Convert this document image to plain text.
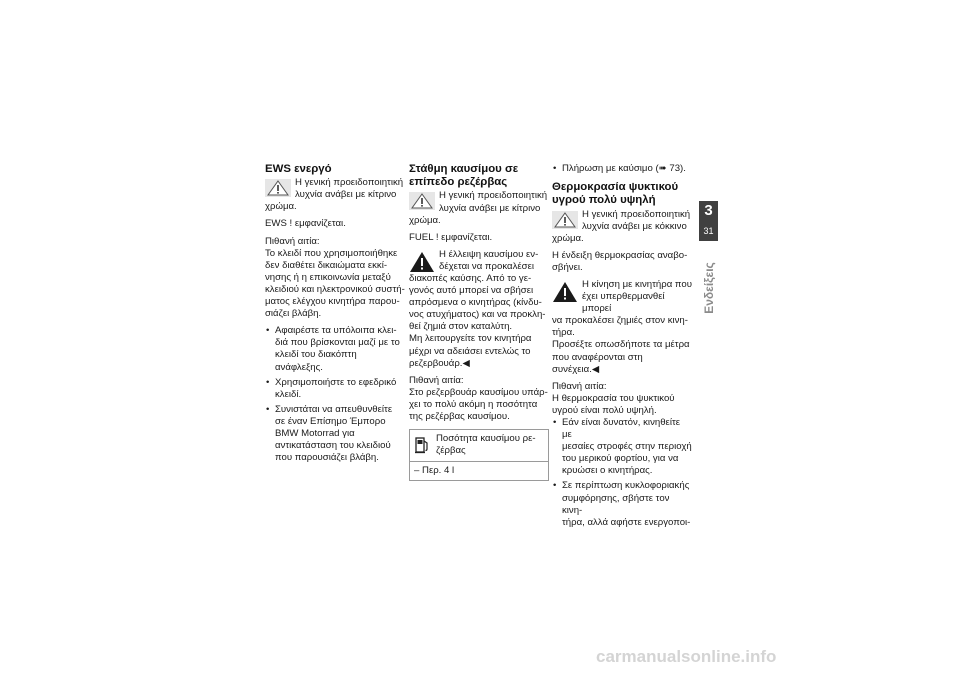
EWS ενεργό
Η γενική προειδοποιητική
λυχνία ανάβει με κίτρινο

χρώμα.

EWS ! εμφανίζεται.

Πιθανή αιτία:

Το κλειδί που χρησιμοποιήθηκε
δεν διαθέτει δικαιώματα εκκί-
νησης ή η επικοινωνία μεταξύ
κλειδιού και ηλεκτρονικού συστή-
ματος ελέγχου κινητήρα παρου-
σιάζει βλάβη.

• Αφαιρέστε τα υπόλοιπα κλει-
διά που βρίσκονται μαζί με το
κλειδί του διακόπτη ανάφλεξης.
• Χρησιμοποιήστε το εφεδρικό
κλειδί.
• Συνιστάται να απευθυνθείτε
σε έναν Επίσημο Έμπορο
BMW Motorrad για
αντικατάσταση του κλειδιού
που παρουσιάζει βλάβη.
Στάθμη καυσίμου σε
επίπεδο ρεζέρβας
Η γενική προειδοποιητική
λυχνία ανάβει με κίτρινο

χρώμα.

FUEL ! εμφανίζεται.

Η έλλειψη καυσίμου εν-
δέχεται να προκαλέσει

διακοπές καύσης. Από το γε-
γονός αυτό μπορεί να σβήσει
απρόσμενα ο κινητήρας (κίνδυ-
νος ατυχήματος) και να προκλη-
θεί ζημιά στον καταλύτη.
Μη λειτουργείτε τον κινητήρα
μέχρι να αδειάσει εντελώς το
ρεζερβουάρ.◀

Πιθανή αιτία:

Στο ρεζερβουάρ καυσίμου υπάρ-
χει το πολύ ακόμη η ποσότητα
της ρεζέρβας καυσίμου.

Ποσότητα καυσίμου ρε-
ζέρβας
– Περ. 4 l
• Πλήρωση με καύσιμο (➠ 73).
Θερμοκρασία ψυκτικού
υγρού πολύ υψηλή
Η γενική προειδοποιητική
λυχνία ανάβει με κόκκινο

χρώμα.

Η ένδειξη θερμοκρασίας αναβο-
σβήνει.

Η κίνηση με κινητήρα που
έχει υπερθερμανθεί μπορεί
να προκαλέσει ζημιές στον κινη-
τήρα.

Προσέξτε οπωσδήποτε τα μέτρα
που αναφέρονται στη συνέχεια.◀

Πιθανή αιτία:
Η θερμοκρασία του ψυκτικού
υγρού είναι πολύ υψηλή.
• Εάν είναι δυνατόν, κινηθείτε με
μεσαίες στροφές στην περιοχή
του μερικού φορτίου, για να
κρυώσει ο κινητήρας.
• Σε περίπτωση κυκλοφοριακής
συμφόρησης, σβήστε τον κινη-
τήρα, αλλά αφήστε ενεργοποι-
3
31
Ενδείξεις
carmanualsonline.info
